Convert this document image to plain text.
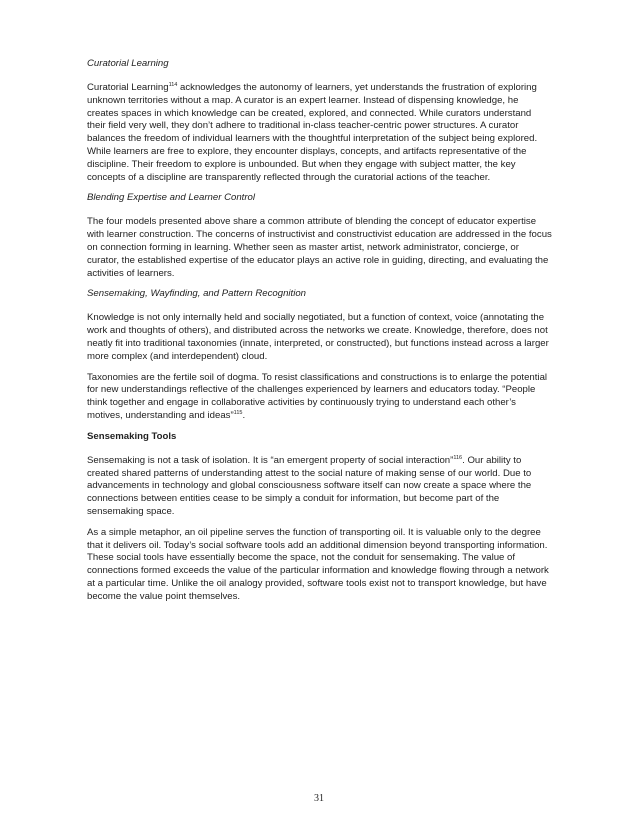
Curatorial Learning

Curatorial Learning$^{114}$ acknowledges the autonomy of learners, yet understands the frustration of exploring unknown territories without a map. A curator is an expert learner. Instead of dispensing knowledge, he creates spaces in which knowledge can be created, explored, and connected. While curators understand their field very well, they don’t adhere to traditional in-class teacher-centric power structures. A curator balances the freedom of individual learners with the thoughtful interpretation of the subject being explored. While learners are free to explore, they encounter displays, concepts, and artifacts representative of the discipline. Their freedom to explore is unbounded. But when they engage with subject matter, the key concepts of a discipline are transparently reflected through the curatorial actions of the teacher.

Blending Expertise and Learner Control

The four models presented above share a common attribute of blending the concept of educator expertise with learner construction. The concerns of instructivist and constructivist education are addressed in the focus on connection forming in learning. Whether seen as master artist, network administrator, concierge, or curator, the established expertise of the educator plays an active role in guiding, directing, and evaluating the activities of learners.

Sensemaking, Wayfinding, and Pattern Recognition

Knowledge is not only internally held and socially negotiated, but a function of context, voice (annotating the work and thoughts of others), and distributed across the networks we create. Knowledge, therefore, does not neatly fit into traditional taxonomies (innate, interpreted, or constructed), but functions instead across a larger more complex (and interdependent) cloud.

Taxonomies are the fertile soil of dogma. To resist classifications and constructions is to enlarge the potential for new understandings reflective of the challenges experienced by learners and educators today. “People think together and engage in collaborative activities by continuously trying to understand each other’s motives, understanding and ideas”$^{115}$.

Sensemaking Tools

Sensemaking is not a task of isolation. It is “an emergent property of social interaction”$^{116}$. Our ability to created shared patterns of understanding attest to the social nature of making sense of our world. Due to advancements in technology and global consciousness software itself can now create a space where the connections between entities cease to be simply a conduit for information, but become part of the sensemaking space.

As a simple metaphor, an oil pipeline serves the function of transporting oil. It is valuable only to the degree that it delivers oil. Today’s social software tools add an additional dimension beyond transporting information. These social tools have essentially become the space, not the conduit for sensemaking. The value of connections formed exceeds the value of the particular information and knowledge flowing through a network at a particular time. Unlike the oil analogy provided, software tools exist not to transport knowledge, but have become the value point themselves.

31
